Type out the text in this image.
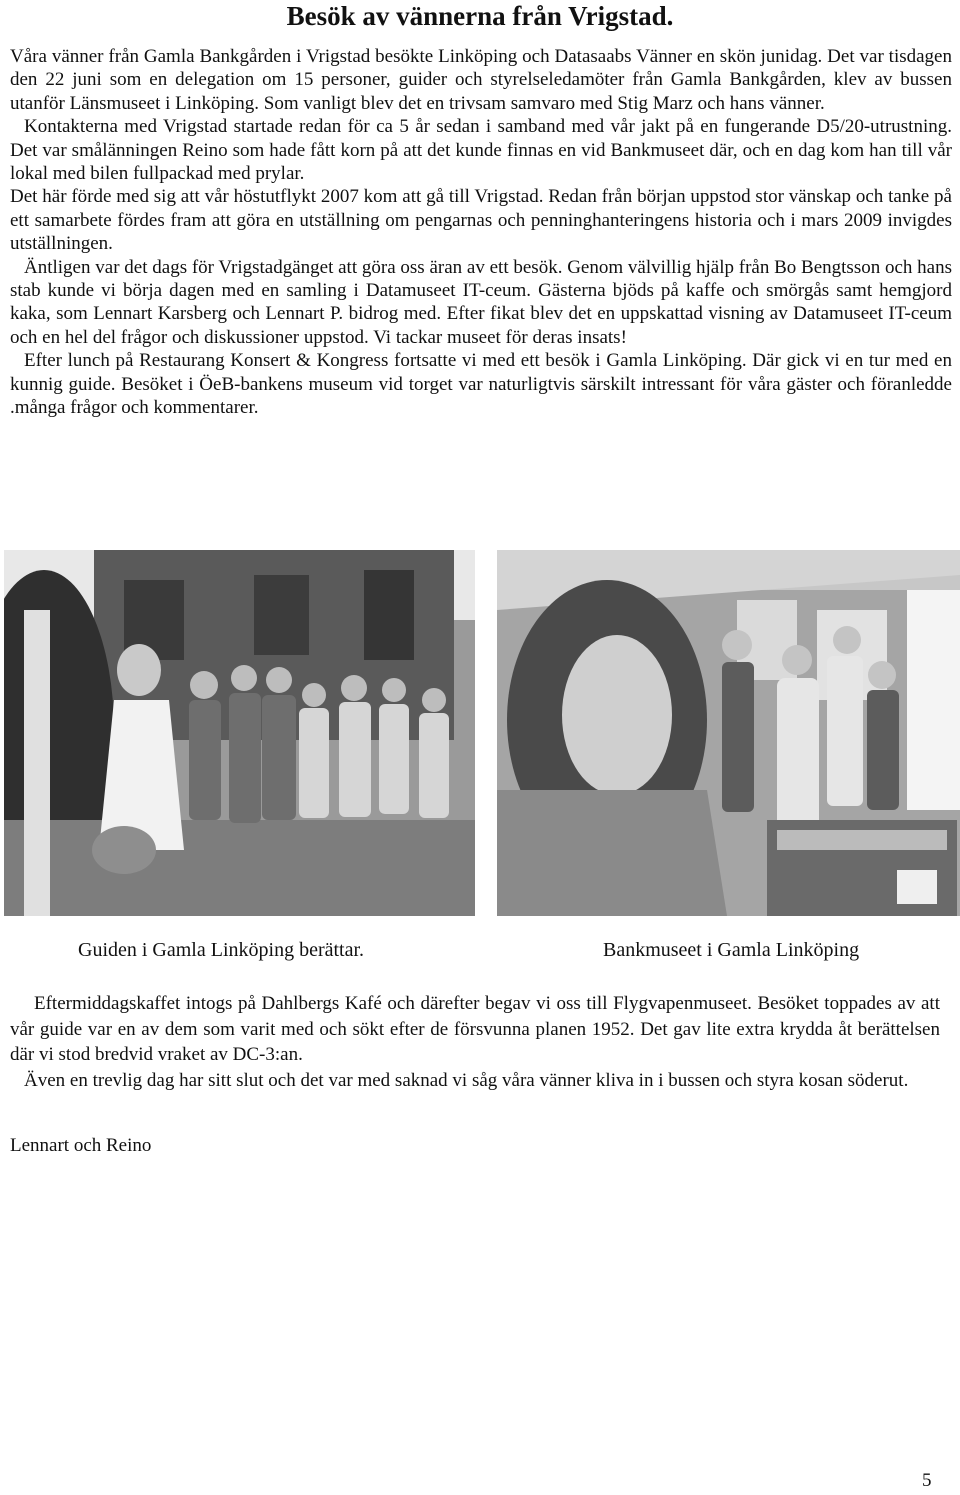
Besök av vännerna från Vrigstad.

Våra vänner från Gamla Bankgården i Vrigstad besökte Linköping och Datasaabs Vänner en skön junidag. Det var tisdagen den 22 juni som en delegation om 15 personer, guider och styrelseledamöter från Gamla Bankgården, klev av bussen utanför Länsmuseet i Linköping. Som vanligt blev det en trivsam samvaro med Stig Marz och hans vänner.

Kontakterna med Vrigstad startade redan för ca 5 år sedan i samband med vår jakt på en fungerande D5/20-utrustning. Det var smålänningen Reino som hade fått korn på att det kunde finnas en vid Bankmuseet där, och en dag kom han till vår lokal med bilen fullpackad med prylar.

Det här förde med sig att vår höstutflykt 2007 kom att gå till Vrigstad. Redan från början uppstod stor vänskap och tanke på ett samarbete fördes fram att göra en utställning om pengarnas och penninghanteringens historia och i mars 2009 invigdes utställningen.

Äntligen var det dags för Vrigstadgänget att göra oss äran av ett besök. Genom välvillig hjälp från Bo Bengtsson och hans stab kunde vi börja dagen med en samling i Datamuseet IT-ceum. Gästerna bjöds på kaffe och smörgås samt hemgjord kaka, som Lennart Karsberg och Lennart P. bidrog med. Efter fikat blev det en uppskattad visning av Datamuseet IT-ceum och en hel del frågor och diskussioner uppstod. Vi tackar museet för deras insats!

Efter lunch på Restaurang Konsert & Kongress fortsatte vi med ett besök i Gamla Linköping. Där gick vi en tur med en kunnig guide. Besöket i ÖeB-bankens museum vid torget var naturligtvis särskilt intressant för våra gäster och föranledde .många frågor och kommentarer.

Guiden i Gamla Linköping berättar.	Bankmuseet i Gamla Linköping

Eftermiddagskaffet intogs på Dahlbergs Kafé och därefter begav vi oss till Flygvapenmuseet. Besöket toppades av att vår guide var en av dem som varit med och sökt efter de försvunna planen 1952. Det gav lite extra krydda åt berättelsen där vi stod bredvid vraket av DC-3:an.

Även en trevlig dag har sitt slut och det var med saknad vi såg våra vänner kliva in i bussen och styra kosan söderut.

Lennart och Reino
5
